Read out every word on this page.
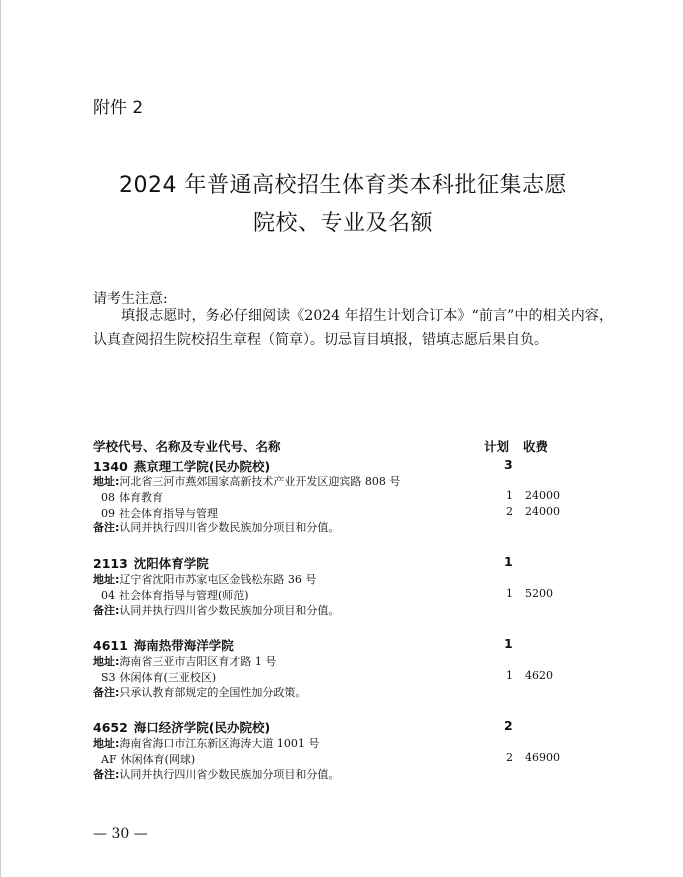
附件 2
2024 年普通高校招生体育类本科批征集志愿
院校、专业及名额
请考生注意:
填报志愿时，务必仔细阅读《2024 年招生计划合订本》“前言”中的相关内容，认真查阅招生院校招生章程（简章）。切忌盲目填报，错填志愿后果自负。
学校代号、名称及专业代号、名称	计划 收费
1340 燕京理工学院(民办院校)	3
地址:河北省三河市燕郊国家高新技术产业开发区迎宾路 808 号
08 体育教育	1 24000
09 社会体育指导与管理	2 24000
备注:认同并执行四川省少数民族加分项目和分值。
2113 沈阳体育学院	1
地址:辽宁省沈阳市苏家屯区金钱松东路 36 号
04 社会体育指导与管理(师范)	1 5200
备注:认同并执行四川省少数民族加分项目和分值。
4611 海南热带海洋学院	1
地址:海南省三亚市吉阳区育才路 1 号
S3 休闲体育(三亚校区)	1 4620
备注:只承认教育部规定的全国性加分政策。
4652 海口经济学院(民办院校)	2
地址:海南省海口市江东新区海涛大道 1001 号
AF 休闲体育(网球)	2 46900
备注:认同并执行四川省少数民族加分项目和分值。
— 30 —
